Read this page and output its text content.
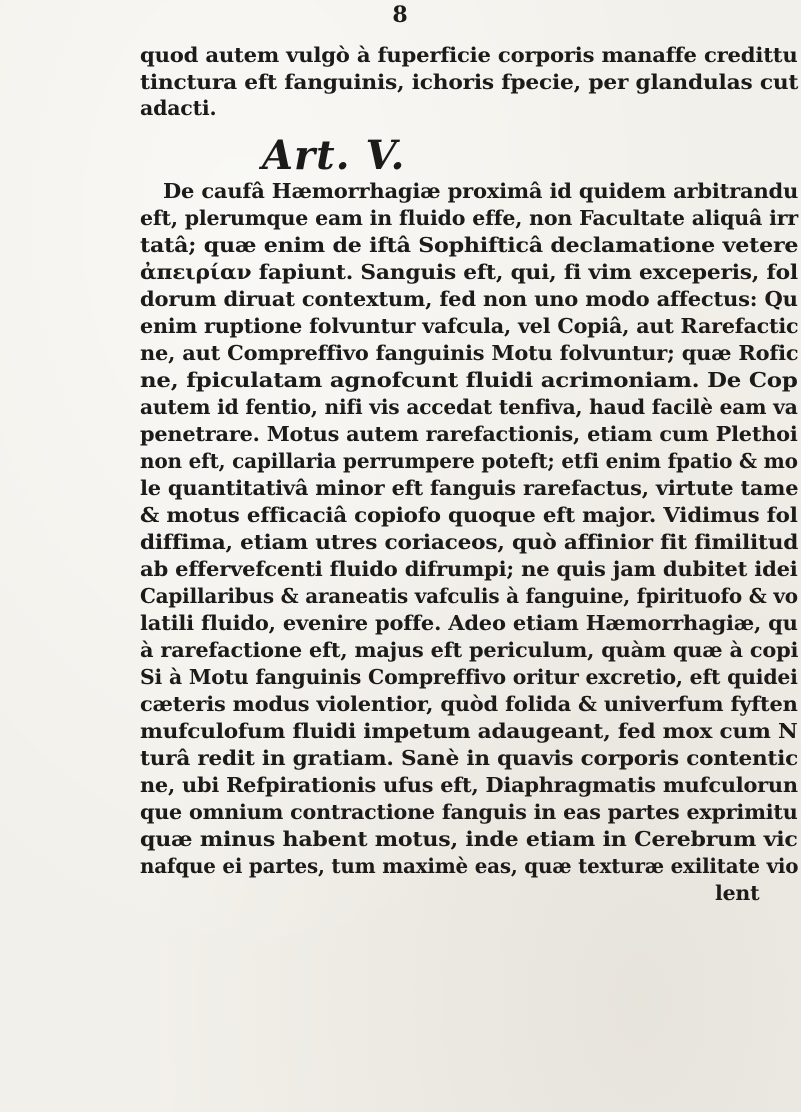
8
Art. V.
quod autem vulgò à fuperficie corporis manaffe credittu
tinctura eft fanguinis, ichoris fpecie, per glandulas cut
adacti.
De caufâ Hæmorrhagiæ proximâ id quidem arbitrandu
eft, plerumque eam in fluido effe, non Facultate aliquâ irr
tatâ; quæ enim de iftâ Sophifticâ declamatione vetere
ἀπειρίαν fapiunt. Sanguis eft, qui, fi vim exceperis, fol
dorum diruat contextum, fed non uno modo affectus: Qu
enim ruptione folvuntur vafcula, vel Copiâ, aut Rarefactic
ne, aut Compreffivo fanguinis Motu folvuntur; quæ Rofic
ne, fpiculatam agnofcunt fluidi acrimoniam. De Cop
autem id fentio, nifi vis accedat tenfiva, haud facilè eam va
penetrare. Motus autem rarefactionis, etiam cum Plethoi
non eft, capillaria perrumpere poteft; etfi enim fpatio & mo
le quantitativâ minor eft fanguis rarefactus, virtute tame
& motus efficaciâ copiofo quoque eft major. Vidimus fol
diffima, etiam utres coriaceos, quò affinior fit fimilitud
ab effervefcenti fluido difrumpi; ne quis jam dubitet idei
Capillaribus & araneatis vafculis à fanguine, fpirituofo & vo
latili fluido, evenire poffe. Adeo etiam Hæmorrhagiæ, qu
à rarefactione eft, majus eft periculum, quàm quæ à copi
Si à Motu fanguinis Compreffivo oritur excretio, eft quidei
cæteris modus violentior, quòd folida & univerfum fyften
mufculofum fluidi impetum adaugeant, fed mox cum N
turâ redit in gratiam. Sanè in quavis corporis contentic
ne, ubi Refpirationis ufus eft, Diaphragmatis mufculorun
que omnium contractione fanguis in eas partes exprimitu
quæ minus habent motus, inde etiam in Cerebrum vic
nafque ei partes, tum maximè eas, quæ texturæ exilitate vio
lent
